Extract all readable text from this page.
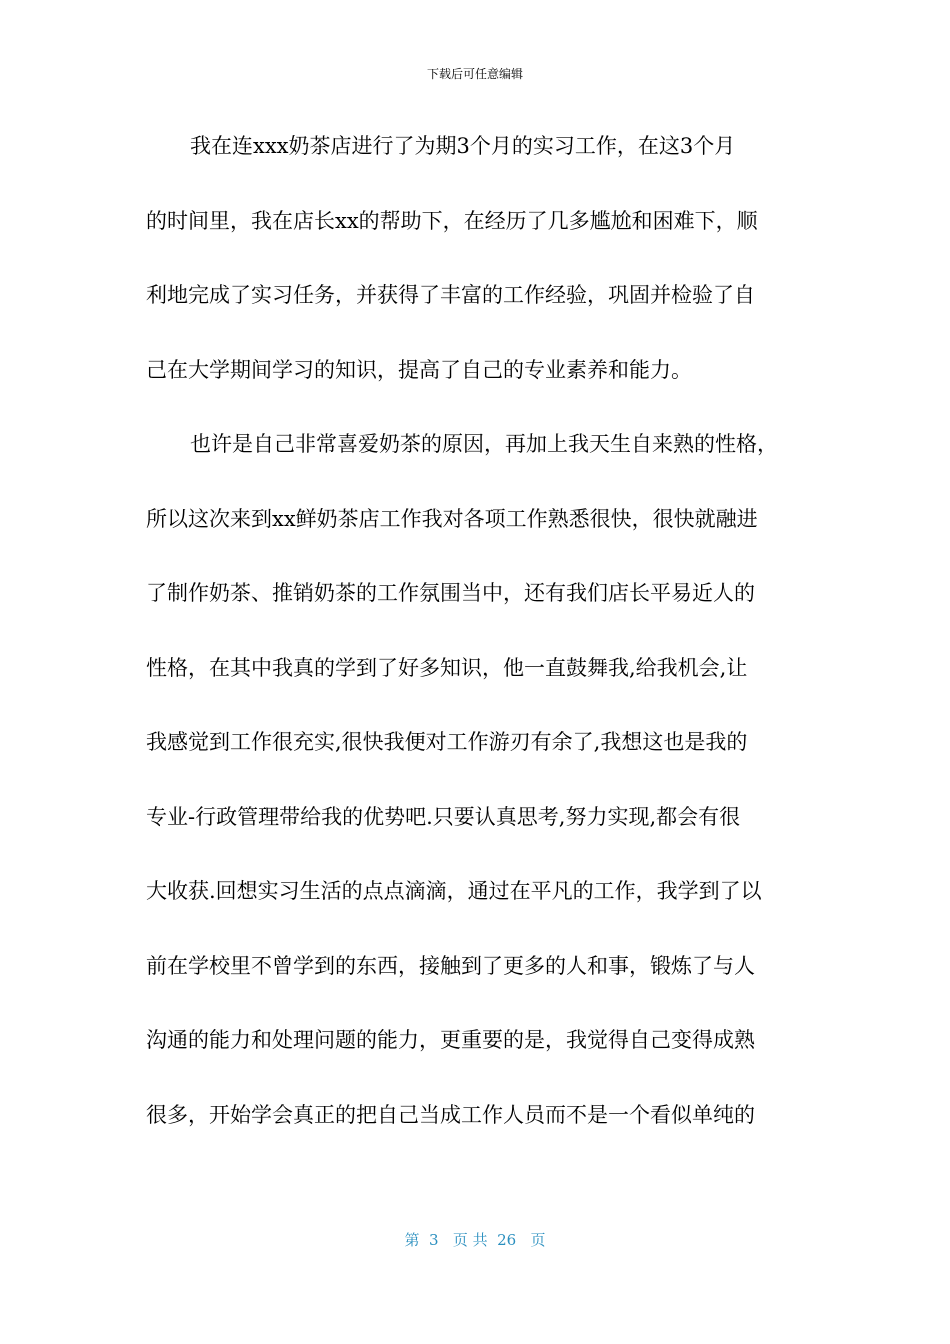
下载后可任意编辑
我在连xxx奶茶店进行了为期3个月的实习工作，在这3个月
的时间里，我在店长xx的帮助下，在经历了几多尴尬和困难下，顺
利地完成了实习任务，并获得了丰富的工作经验，巩固并检验了自
己在大学期间学习的知识，提高了自己的专业素养和能力。
也许是自己非常喜爱奶茶的原因，再加上我天生自来熟的性格，
所以这次来到xx鲜奶茶店工作我对各项工作熟悉很快，很快就融进
了制作奶茶、推销奶茶的工作氛围当中，还有我们店长平易近人的
性格，在其中我真的学到了好多知识，他一直鼓舞我,给我机会,让
我感觉到工作很充实,很快我便对工作游刃有余了,我想这也是我的
专业-行政管理带给我的优势吧.只要认真思考,努力实现,都会有很
大收获.回想实习生活的点点滴滴，通过在平凡的工作，我学到了以
前在学校里不曾学到的东西，接触到了更多的人和事，锻炼了与人
沟通的能力和处理问题的能力，更重要的是，我觉得自己变得成熟
很多，开始学会真正的把自己当成工作人员而不是一个看似单纯的
第  3   页 共  26   页
